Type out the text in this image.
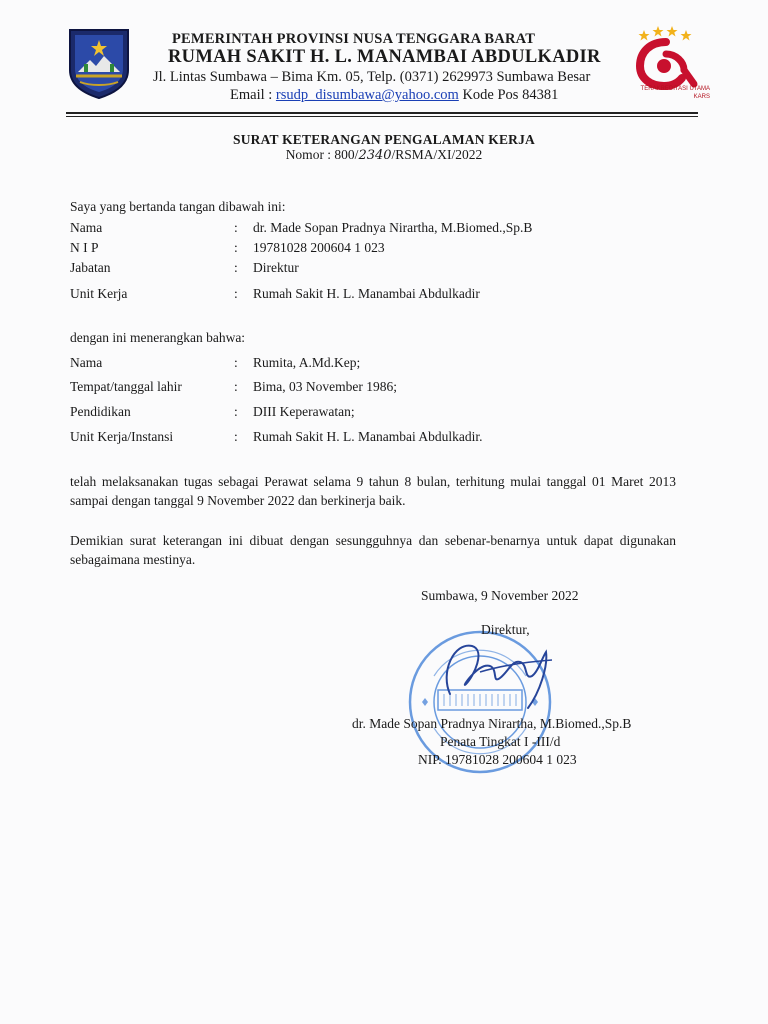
PEMERINTAH PROVINSI NUSA TENGGARA BARAT
RUMAH SAKIT H. L. MANAMBAI ABDULKADIR
Jl. Lintas Sumbawa – Bima Km. 05, Telp. (0371) 2629973 Sumbawa Besar
Email : rsudp_disumbawa@yahoo.com Kode Pos 84381	TERAKREDITASI UTAMA
KARS
SURAT KETERANGAN PENGALAMAN KERJA
Nomor : 800/2340/RSMA/XI/2022
Saya yang bertanda tangan dibawah ini:
Nama	: dr. Made Sopan Pradnya Nirartha, M.Biomed.,Sp.B
N I P	: 19781028 200604 1 023
Jabatan	: Direktur
Unit Kerja	: Rumah Sakit H. L. Manambai Abdulkadir
dengan ini menerangkan bahwa:
Nama	: Rumita, A.Md.Kep;
Tempat/tanggal lahir	: Bima, 03 November 1986;
Pendidikan	: DIII Keperawatan;
Unit Kerja/Instansi	: Rumah Sakit H. L. Manambai Abdulkadir.
telah melaksanakan tugas sebagai Perawat selama 9 tahun 8 bulan, terhitung mulai tanggal 01 Maret 2013 sampai dengan tanggal 9 November 2022 dan berkinerja baik.
Demikian surat keterangan ini dibuat dengan sesungguhnya dan sebenar-benarnya untuk dapat digunakan sebagaimana mestinya.
Sumbawa, 9 November 2022
Direktur,
dr. Made Sopan Pradnya Nirartha, M.Biomed.,Sp.B
Penata Tingkat I -III/d
NIP. 19781028 200604 1 023
